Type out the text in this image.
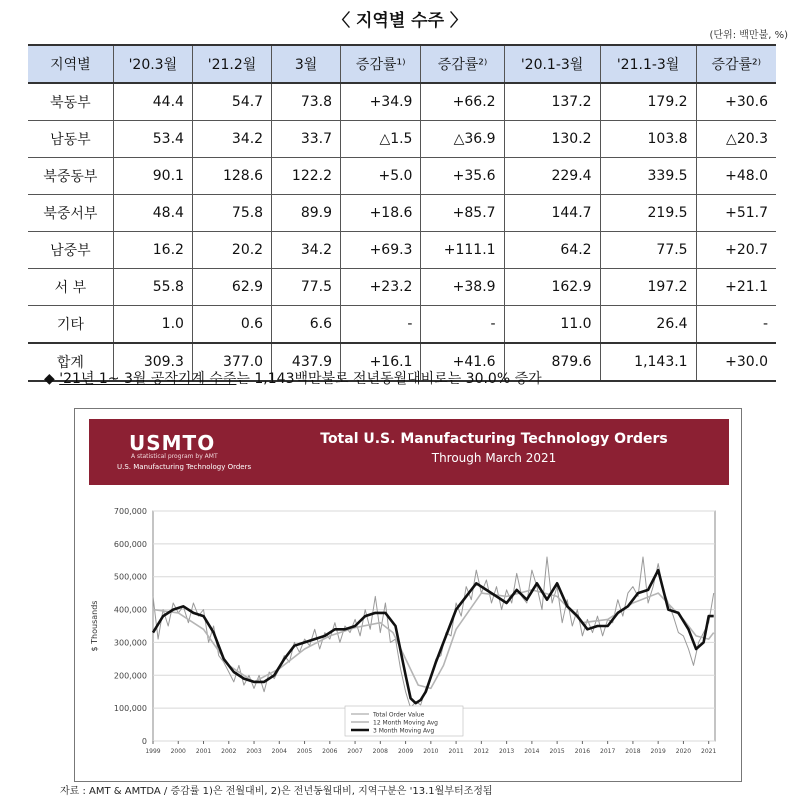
〈 지역별 수주 〉
(단위: 백만불, %)
지역별	'20.3월	'21.2월	3월	증감률¹⁾	증감률²⁾	'20.1-3월	'21.1-3월	증감률²⁾
북동부	44.4	54.7	73.8	+34.9	+66.2	137.2	179.2	+30.6
남동부	53.4	34.2	33.7	△1.5	△36.9	130.2	103.8	△20.3
북중동부	90.1	128.6	122.2	+5.0	+35.6	229.4	339.5	+48.0
북중서부	48.4	75.8	89.9	+18.6	+85.7	144.7	219.5	+51.7
남중부	16.2	20.2	34.2	+69.3	+111.1	64.2	77.5	+20.7
서 부	55.8	62.9	77.5	+23.2	+38.9	162.9	197.2	+21.1
기타	1.0	0.6	6.6	-	-	11.0	26.4	-
합계	309.3	377.0	437.9	+16.1	+41.6	879.6	1,143.1	+30.0
◆ '21년 1~ 3월 공작기계 수주는 1,143백만불로 전년동월대비로는 30.0% 증가
USMTO
A statistical program by AMT
U.S. Manufacturing Technology Orders
Total U.S. Manufacturing Technology Orders
Through March 2021
0
100,000
200,000
300,000
400,000
500,000
600,000
700,000
1999 2000 2001 2002 2003 2004 2005 2006 2007 2008 2009 2010 2011 2012 2013 2014 2015 2016 2017 2018 2019 2020 2021
$ Thousands
Total Order Value
12 Month Moving Avg
3 Month Moving Avg
자료 : AMT & AMTDA / 증감률 1)은 전월대비, 2)은 전년동월대비, 지역구분은 '13.1월부터조정됨
